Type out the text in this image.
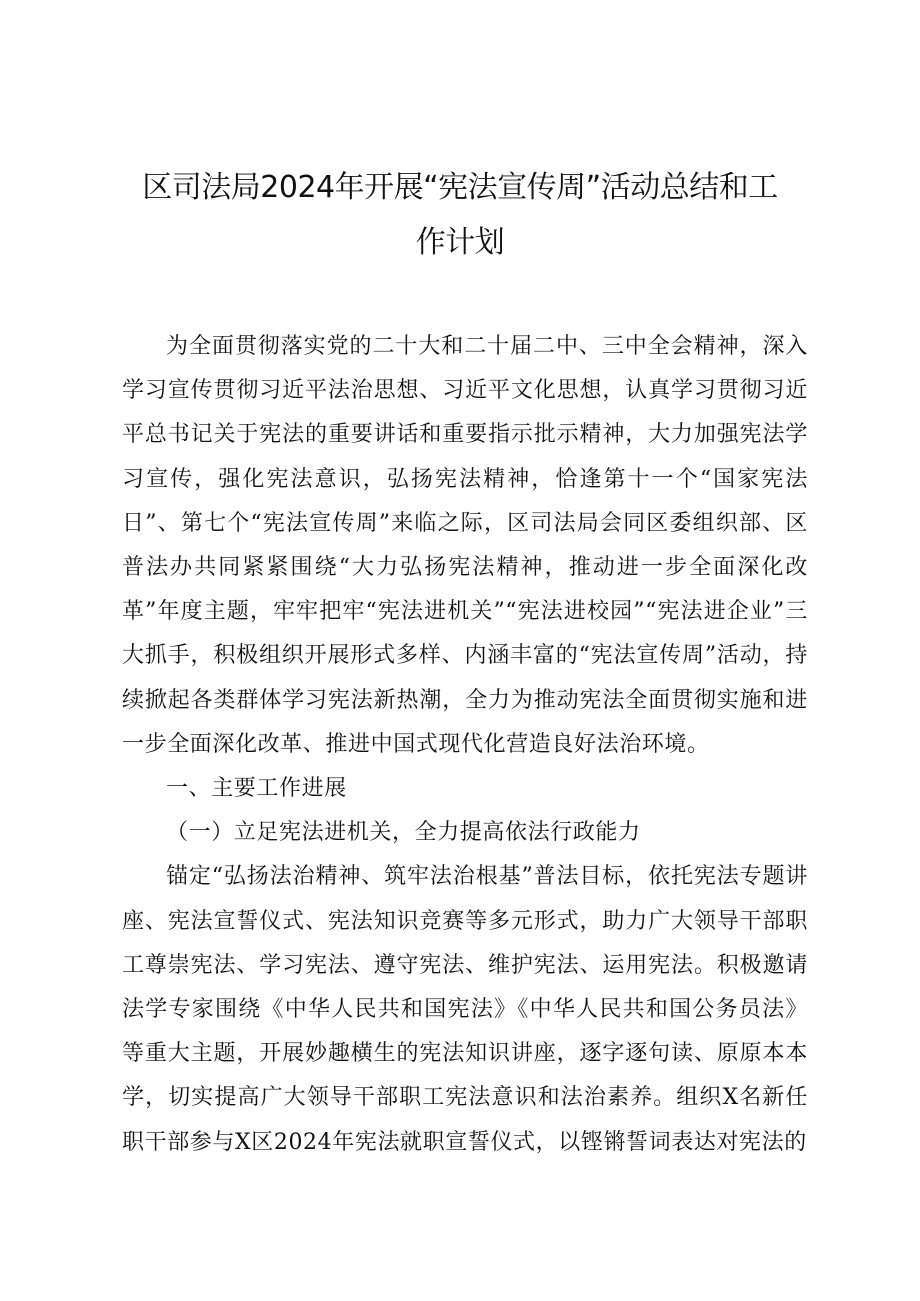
区司法局2024年开展“宪法宣传周”活动总结和工作计划

为全面贯彻落实党的二十大和二十届二中、三中全会精神，深入学习宣传贯彻习近平法治思想、习近平文化思想，认真学习贯彻习近平总书记关于宪法的重要讲话和重要指示批示精神，大力加强宪法学习宣传，强化宪法意识，弘扬宪法精神，恰逢第十一个“国家宪法日”、第七个“宪法宣传周”来临之际，区司法局会同区委组织部、区普法办共同紧紧围绕“大力弘扬宪法精神，推动进一步全面深化改革”年度主题，牢牢把牢“宪法进机关”“宪法进校园”“宪法进企业”三大抓手，积极组织开展形式多样、内涵丰富的“宪法宣传周”活动，持续掀起各类群体学习宪法新热潮，全力为推动宪法全面贯彻实施和进一步全面深化改革、推进中国式现代化营造良好法治环境。

一、主要工作进展

（一）立足宪法进机关，全力提高依法行政能力

锚定“弘扬法治精神、筑牢法治根基”普法目标，依托宪法专题讲座、宪法宣誓仪式、宪法知识竞赛等多元形式，助力广大领导干部职工尊崇宪法、学习宪法、遵守宪法、维护宪法、运用宪法。积极邀请法学专家围绕《中华人民共和国宪法》《中华人民共和国公务员法》等重大主题，开展妙趣横生的宪法知识讲座，逐字逐句读、原原本本学，切实提高广大领导干部职工宪法意识和法治素养。组织X名新任职干部参与X区2024年宪法就职宣誓仪式，以铿锵誓词表达对宪法的
